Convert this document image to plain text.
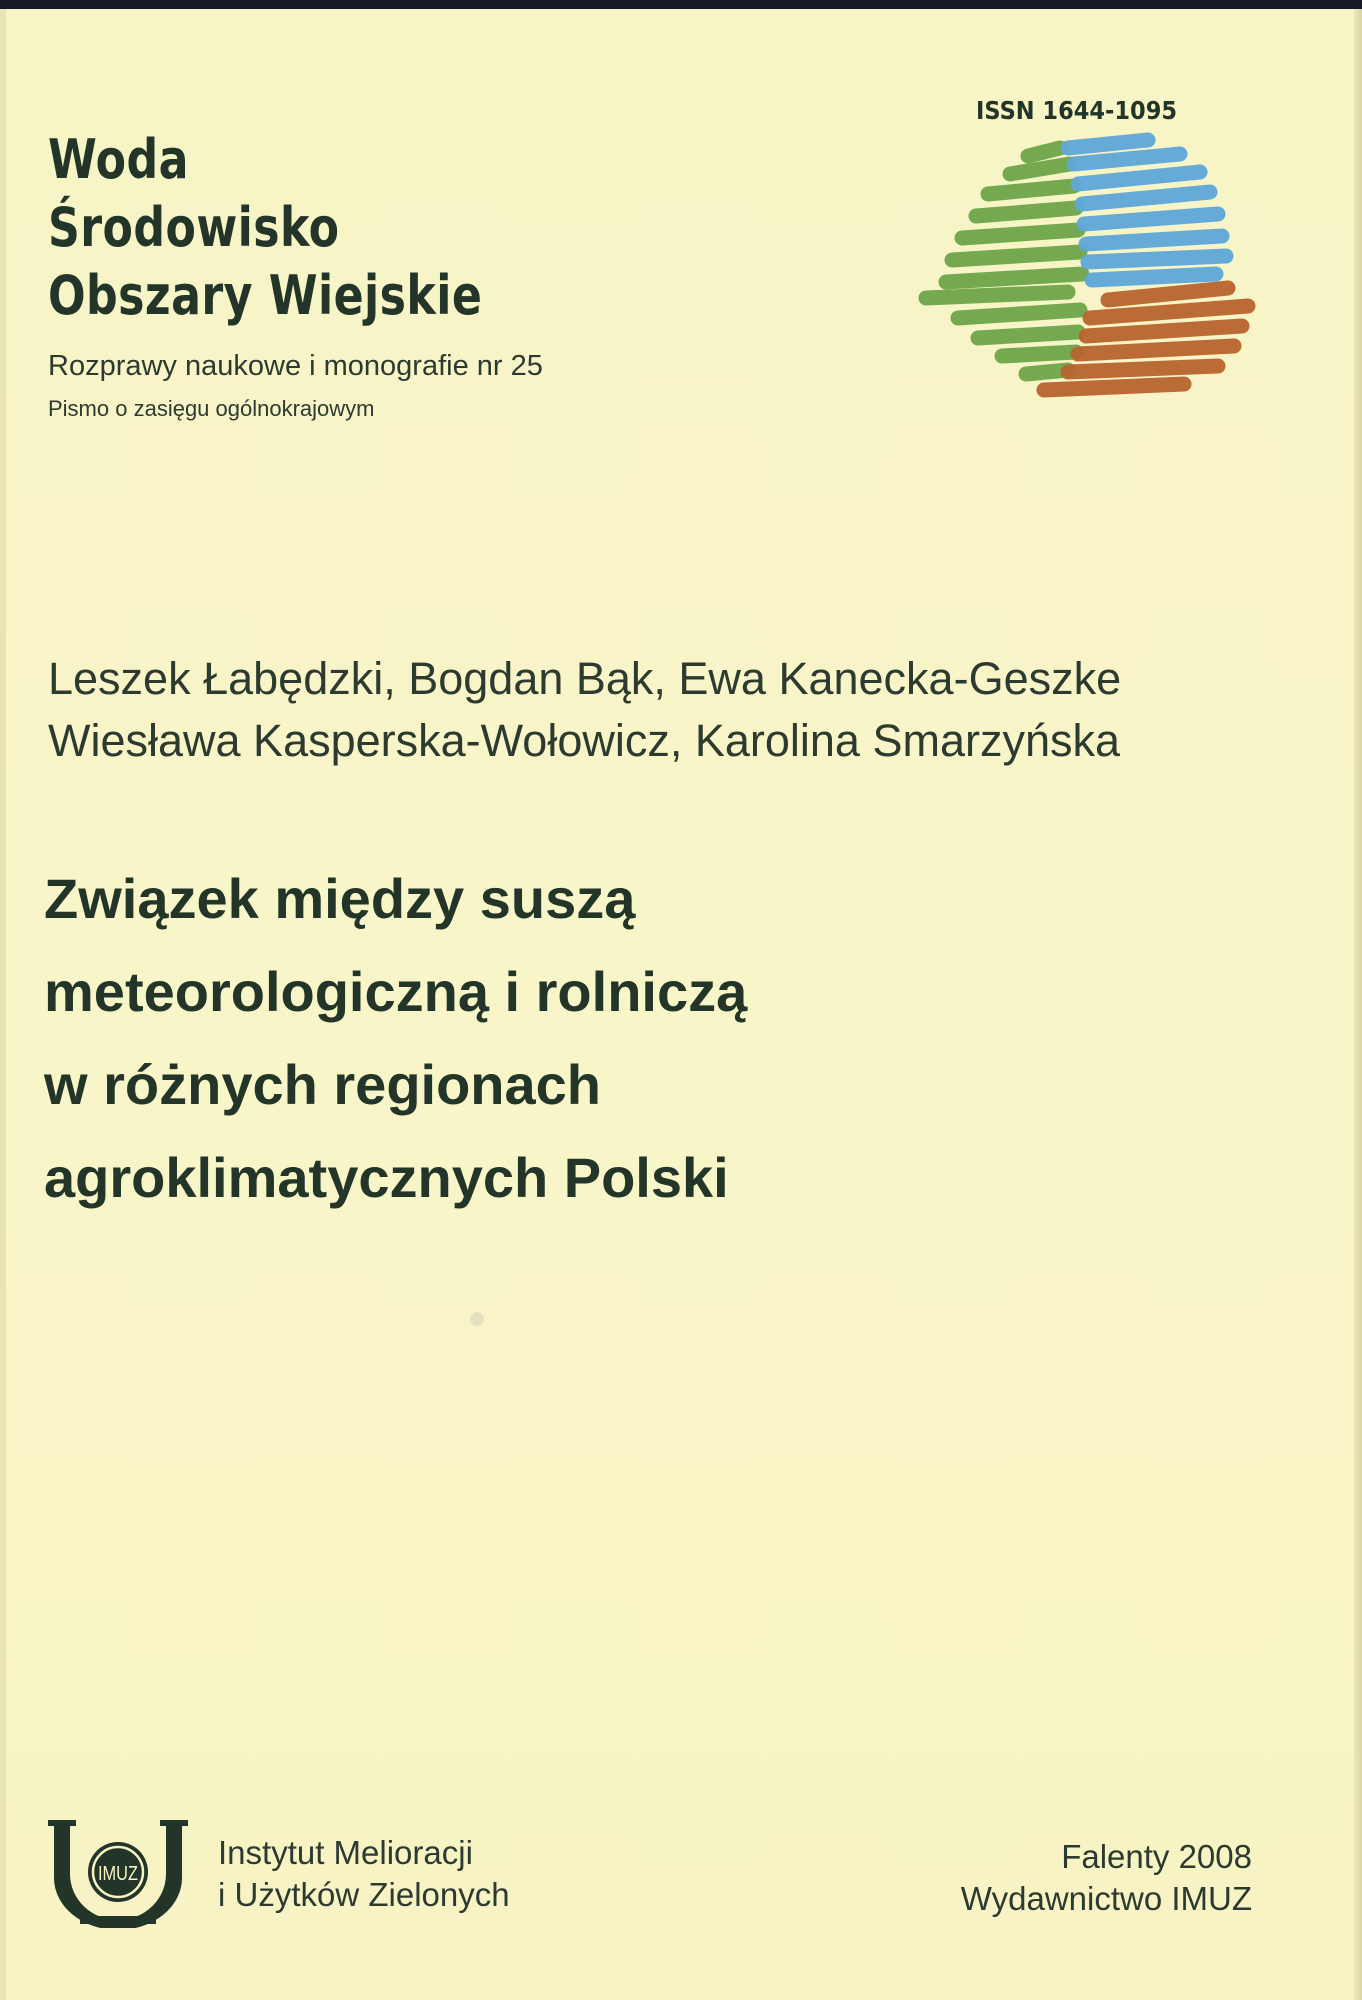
Woda
Środowisko
Obszary Wiejskie
Rozprawy naukowe i monografie nr 25
Pismo o zasięgu ogólnokrajowym
ISSN 1644-1095
Leszek Łabędzki, Bogdan Bąk, Ewa Kanecka-Geszke
Wiesława Kasperska-Wołowicz, Karolina Smarzyńska
Związek między suszą
meteorologiczną i rolniczą
w różnych regionach
agroklimatycznych Polski
IMUZ
Instytut Melioracji
i Użytków Zielonych
Falenty 2008
Wydawnictwo IMUZ
